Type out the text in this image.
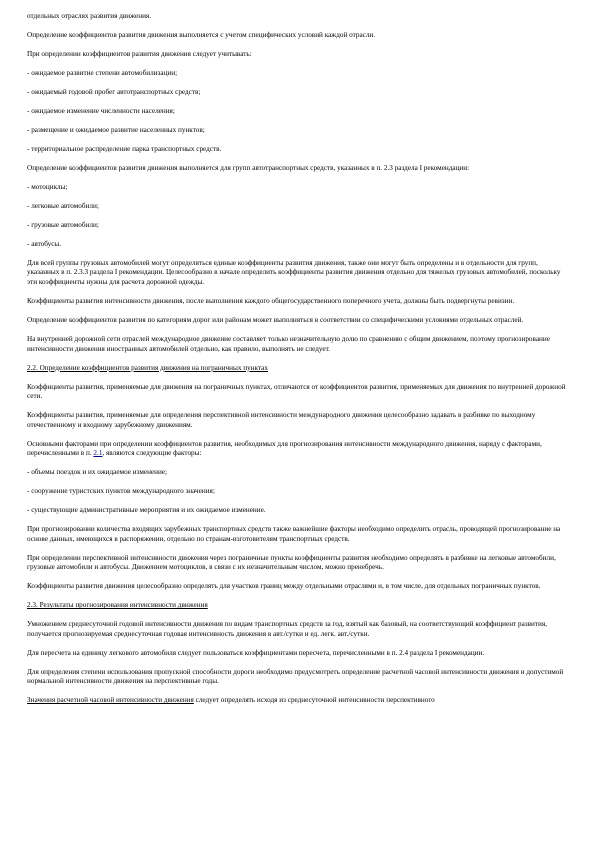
отдельных отраслях развития движения.

Определение коэффициентов развития движения выполняется с учетом специфических условий каждой отрасли.

При определении коэффициентов развития движения следует учитывать:

- ожидаемое развитие степени автомобилизации;

- ожидаемый годовой пробег автотранспортных средств;

- ожидаемое изменение численности населения;

- размещение и ожидаемое развитие населенных пунктов;

- территориальное распределение парка транспортных средств.

Определение коэффициентов развития движения выполняется для групп автотранспортных средств, указанных в п. 2.3 раздела I рекомендации:

- мотоциклы;

- легковые автомобили;

- грузовые автомобили;

- автобусы.

Для всей группы грузовых автомобилей могут определяться единые коэффициенты развития движения, также они могут быть определены и в отдельности для групп, указанных в п. 2.3.3 раздела I рекомендации. Целесообразно в начале определить коэффициенты развития движения отдельно для тяжелых грузовых автомобилей, поскольку эти коэффициенты нужны для расчета дорожной одежды.

Коэффициенты развития интенсивности движения, после выполнения каждого общегосударственного поперечного учета, должны быть подвергнуты ревизии.

Определение коэффициентов развития по категориям дорог или районам может выполняться в соответствии со специфическими условиями отдельных отраслей.

На внутренней дорожной сети отраслей международное движение составляет только незначительную долю по сравнению с общим движением, поэтому прогнозирование интенсивности движения иностранных автомобилей отдельно, как правило, выполнять не следует.

2.2. Определение коэффициентов развития движения на пограничных пунктах

Коэффициенты развития, применяемые для движения на пограничных пунктах, отличаются от коэффициентов развития, применяемых для движения по внутренней дорожной сети.

Коэффициенты развития, применяемые для определения перспективной интенсивности международного движения целесообразно задавать в разбивке по выходному отечественному и входному зарубежному движениям.

Основными факторами при определении коэффициентов развития, необходимых для прогнозирования интенсивности международного движения, наряду с факторами, перечисленными в п. 2.1, являются следующие факторы:

- объемы поездок и их ожидаемое изменение;

- сооружение туристских пунктов международного значения;

- существующие административные мероприятия и их ожидаемое изменение.

При прогнозировании количества входящих зарубежных транспортных средств также важнейшие факторы необходимо определить отрасль, проводящей прогнозирование на основе данных, имеющихся в распоряжении, отдельно по странам-изготовителям транспортных средств.

При определении перспективной интенсивности движения через пограничные пункты коэффициенты развития необходимо определять в разбивке на легковые автомобили, грузовые автомобили и автобусы. Движением мотоциклов, в связи с их незначительным числом, можно пренебречь.

Коэффициенты развития движения целесообразно определять для участков границ между отдельными отраслями и, в том числе, для отдельных пограничных пунктов.

2.3. Результаты прогнозирования интенсивности движения

Умножением среднесуточной годовой интенсивности движения по видам транспортных средств за год, взятый как базовый, на соответствующий коэффициент развития, получается прогнозируемая среднесуточная годовая интенсивность движения в авт./сутки и ед. легк. авт./сутки.

Для пересчета на единицу легкового автомобиля следует пользоваться коэффициентами пересчета, перечисленными в п. 2.4 раздела I рекомендации.

Для определения степени использования пропускной способности дороги необходимо предусмотреть определение расчетной часовой интенсивности движения и допустимой нормальной интенсивности движения на перспективные годы.

Значения расчетной часовой интенсивности движения следует определять исходя из среднесуточной интенсивности перспективного
